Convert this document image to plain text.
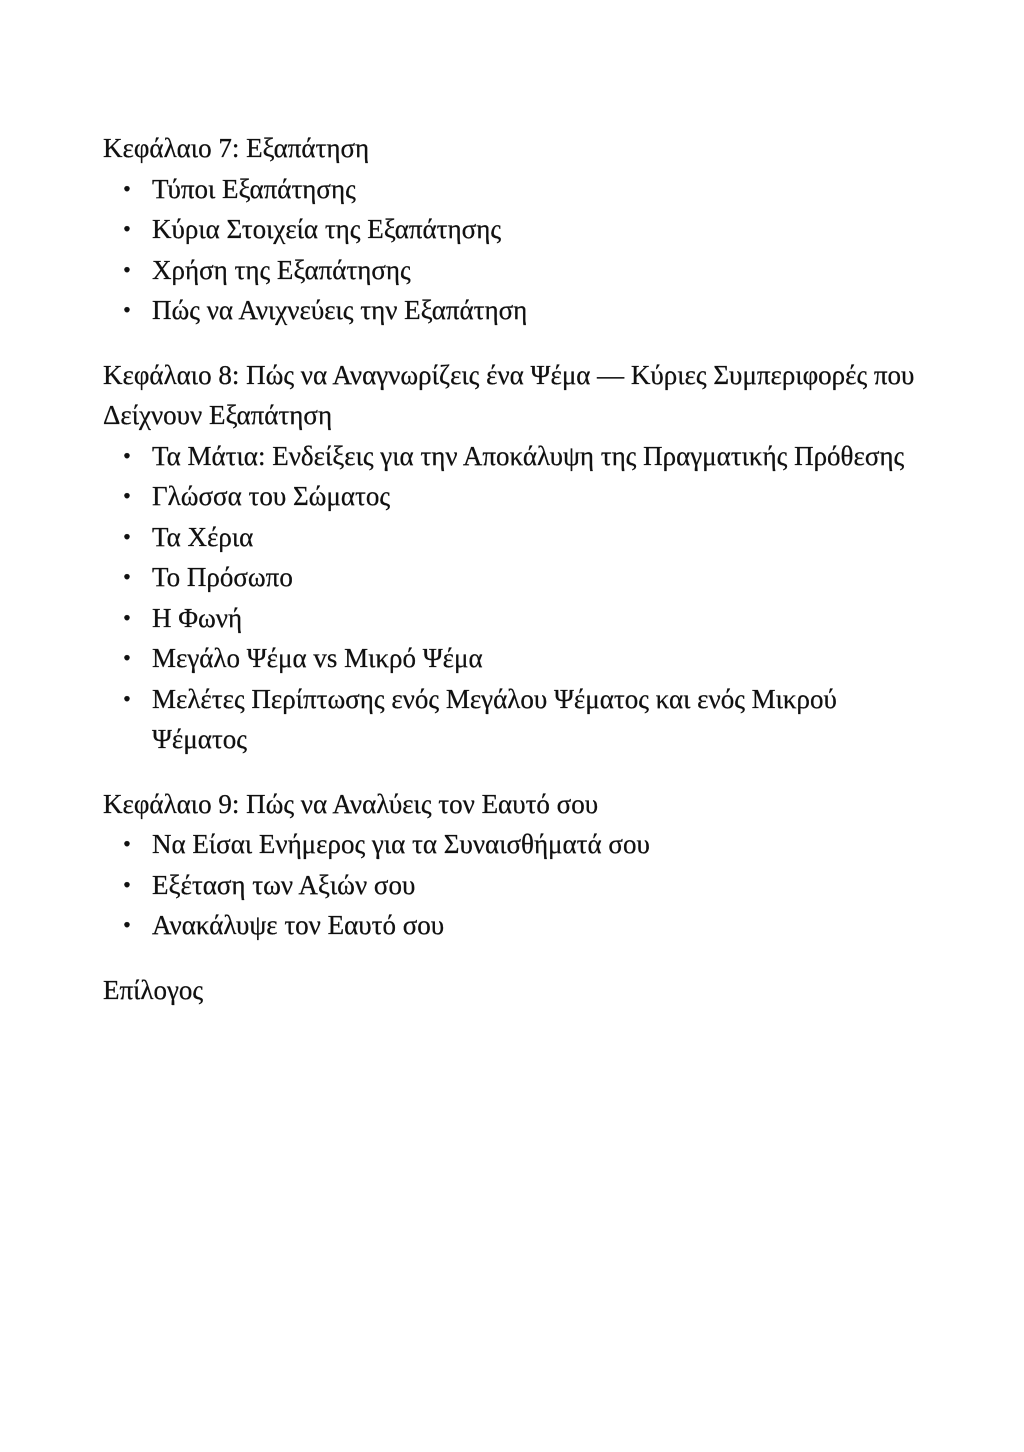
Κεφάλαιο 7: Εξαπάτηση
• Τύποι Εξαπάτησης
• Κύρια Στοιχεία της Εξαπάτησης
• Χρήση της Εξαπάτησης
• Πώς να Ανιχνεύεις την Εξαπάτηση
Κεφάλαιο 8: Πώς να Αναγνωρίζεις ένα Ψέμα — Κύριες Συμπεριφορές που Δείχνουν Εξαπάτηση
• Τα Μάτια: Ενδείξεις για την Αποκάλυψη της Πραγματικής Πρόθεσης
• Γλώσσα του Σώματος
• Τα Χέρια
• Το Πρόσωπο
• Η Φωνή
• Μεγάλο Ψέμα vs Μικρό Ψέμα
• Μελέτες Περίπτωσης ενός Μεγάλου Ψέματος και ενός Μικρού Ψέματος
Κεφάλαιο 9: Πώς να Αναλύεις τον Εαυτό σου
• Να Είσαι Ενήμερος για τα Συναισθήματά σου
• Εξέταση των Αξιών σου
• Ανακάλυψε τον Εαυτό σου
Επίλογος
